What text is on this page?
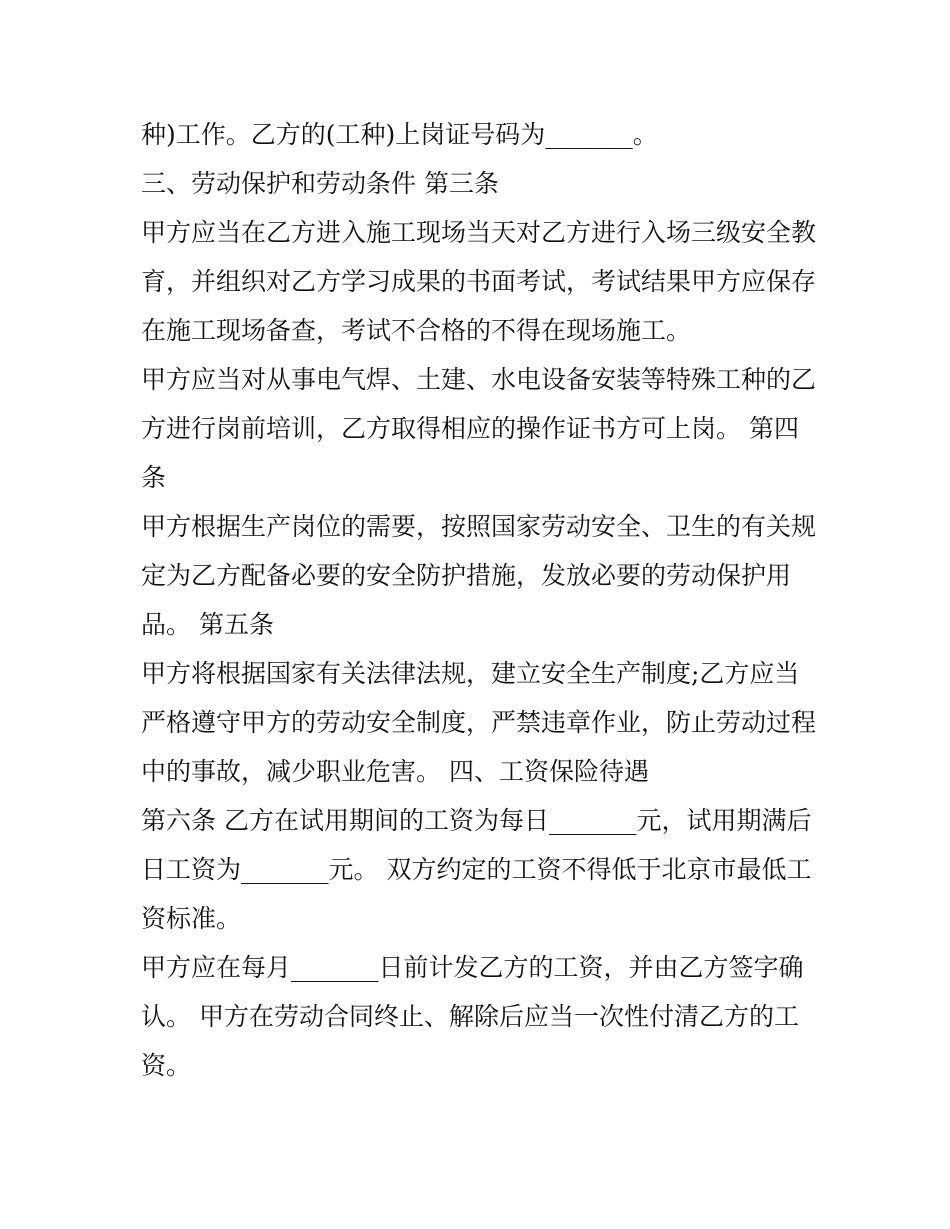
种)工作。乙方的(工种)上岗证号码为_______。
三、劳动保护和劳动条件 第三条
甲方应当在乙方进入施工现场当天对乙方进行入场三级安全教
育，并组织对乙方学习成果的书面考试，考试结果甲方应保存
在施工现场备查，考试不合格的不得在现场施工。
甲方应当对从事电气焊、土建、水电设备安装等特殊工种的乙
方进行岗前培训，乙方取得相应的操作证书方可上岗。 第四
条
甲方根据生产岗位的需要，按照国家劳动安全、卫生的有关规
定为乙方配备必要的安全防护措施，发放必要的劳动保护用
品。 第五条
甲方将根据国家有关法律法规，建立安全生产制度;乙方应当
严格遵守甲方的劳动安全制度，严禁违章作业，防止劳动过程
中的事故，减少职业危害。 四、工资保险待遇
第六条 乙方在试用期间的工资为每日_______元，试用期满后
日工资为_______元。 双方约定的工资不得低于北京市最低工
资标准。
甲方应在每月_______日前计发乙方的工资，并由乙方签字确
认。 甲方在劳动合同终止、解除后应当一次性付清乙方的工
资。
